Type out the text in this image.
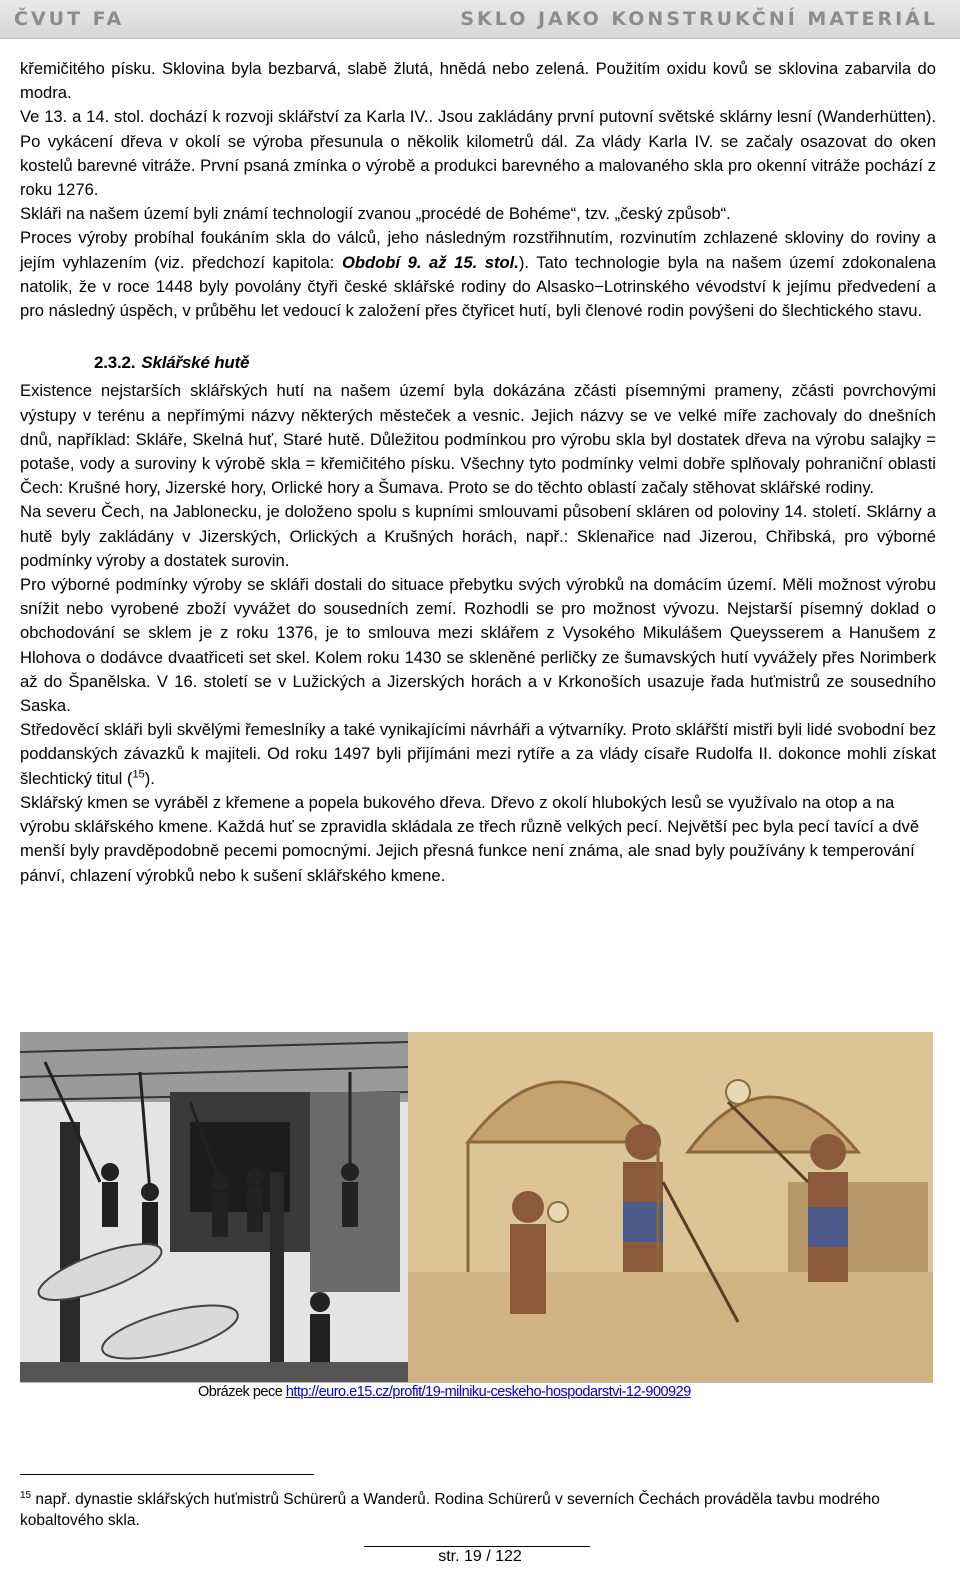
ČVUT FA	SKLO JAKO KONSTRUKČNÍ MATERIÁL

křemičitého písku. Sklovina byla bezbarvá, slabě žlutá, hnědá nebo zelená. Použitím oxidu kovů se sklovina zabarvila do modra.

Ve 13. a 14. stol. dochází k rozvoji sklářství za Karla IV.. Jsou zakládány první putovní světské sklárny lesní (Wanderhütten). Po vykácení dřeva v okolí se výroba přesunula o několik kilometrů dál. Za vlády Karla IV. se začaly osazovat do oken kostelů barevné vitráže. První psaná zmínka o výrobě a produkci barevného a malovaného skla pro okenní vitráže pochází z roku 1276.

Skláři na našem území byli známí technologií zvanou „procédé de Bohéme“, tzv. „český způsob“.

Proces výroby probíhal foukáním skla do válců, jeho následným rozstřihnutím, rozvinutím zchlazené skloviny do roviny a jejím vyhlazením (viz. předchozí kapitola: Období 9. až 15. stol.). Tato technologie byla na našem území zdokonalena natolik, že v roce 1448 byly povolány čtyři české sklářské rodiny do Alsasko−Lotrinského vévodství k jejímu předvedení a pro následný úspěch, v průběhu let vedoucí k založení přes čtyřicet hutí, byli členové rodin povýšeni do šlechtického stavu.

2.3.2. Sklářské hutě

Existence nejstarších sklářských hutí na našem území byla dokázána zčásti písemnými prameny, zčásti povrchovými výstupy v terénu a nepřímými názvy některých městeček a vesnic. Jejich názvy se ve velké míře zachovaly do dnešních dnů, například: Skláře, Skelná huť, Staré hutě. Důležitou podmínkou pro výrobu skla byl dostatek dřeva na výrobu salajky = potaše, vody a suroviny k výrobě skla = křemičitého písku. Všechny tyto podmínky velmi dobře splňovaly pohraniční oblasti Čech: Krušné hory, Jizerské hory, Orlické hory a Šumava. Proto se do těchto oblastí začaly stěhovat sklářské rodiny.

Na severu Čech, na Jablonecku, je doloženo spolu s kupními smlouvami působení skláren od poloviny 14. století. Sklárny a hutě byly zakládány v Jizerských, Orlických a Krušných horách, např.: Sklenařice nad Jizerou, Chřibská, pro výborné podmínky výroby a dostatek surovin.

Pro výborné podmínky výroby se skláři dostali do situace přebytku svých výrobků na domácím území. Měli možnost výrobu snížit nebo vyrobené zboží vyvážet do sousedních zemí. Rozhodli se pro možnost vývozu. Nejstarší písemný doklad o obchodování se sklem je z roku 1376, je to smlouva mezi sklářem z Vysokého Mikulášem Queysserem a Hanušem z Hlohova o dodávce dvaatřiceti set skel. Kolem roku 1430 se skleněné perličky ze šumavských hutí vyvážely přes Norimberk až do Španělska. V 16. století se v Lužických a Jizerských horách a v Krkonoších usazuje řada huťmistrů ze sousedního Saska.

Středověcí skláři byli skvělými řemeslníky a také vynikajícími návrháři a výtvarníky. Proto sklářští mistři byli lidé svobodní bez poddanských závazků k majiteli. Od roku 1497 byli přijímáni mezi rytíře a za vlády císaře Rudolfa II. dokonce mohli získat šlechtický titul ($^{15}$).

Sklářský kmen se vyráběl z křemene a popela bukového dřeva. Dřevo z okolí hlubokých lesů se využívalo na otop a na výrobu sklářského kmene. Každá huť se zpravidla skládala ze třech různě velkých pecí. Největší pec byla pecí tavící a dvě menší byly pravděpodobně pecemi pomocnými. Jejich přesná funkce není známa, ale snad byly používány k temperování pánví, chlazení výrobků nebo k sušení sklářského kmene.

Obrázek pece http://euro.e15.cz/profit/19-milniku-ceskeho-hospodarstvi-12-900929
$^{15}$ např. dynastie sklářských huťmistrů Schürerů a Wanderů. Rodina Schürerů v severních Čechách prováděla tavbu modrého kobaltového skla.
str. 19 / 122
